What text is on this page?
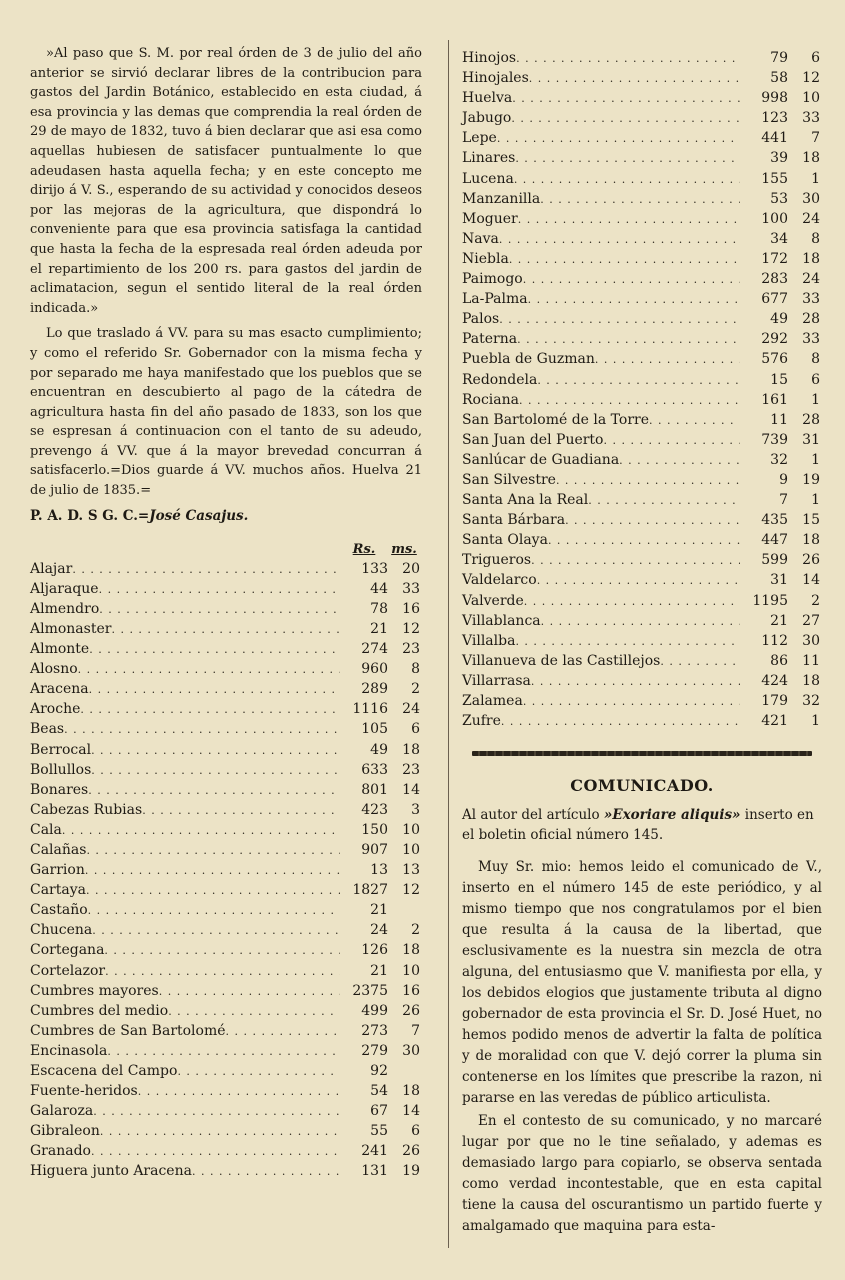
»Al paso que S. M. por real órden de 3 de julio del año anterior se sirvió declarar libres de la contribucion para gastos del Jardin Botánico, establecido en esta ciudad, á esa provincia y las demas que comprendia la real órden de 29 de mayo de 1832, tuvo á bien declarar que asi esa como aquellas hubiesen de satisfacer puntualmente lo que adeudasen hasta aquella fecha; y en este concepto me dirijo á V. S., esperando de su actividad y conocidos deseos por las mejoras de la agricultura, que dispondrá lo conveniente para que esa provincia satisfaga la cantidad que hasta la fecha de la espresada real órden adeuda por el repartimiento de los 200 rs. para gastos del jardin de aclimatacion, segun el sentido literal de la real órden indicada.»

Lo que traslado á VV. para su mas esacto cumplimiento; y como el referido Sr. Gobernador con la misma fecha y por separado me haya manifestado que los pueblos que se encuentran en descubierto al pago de la cátedra de agricultura hasta fin del año pasado de 1833, son los que se espresan á continuacion con el tanto de su adeudo, prevengo á VV. que á la mayor brevedad concurran á satisfacerlo.=Dios guarde á VV. muchos años. Huelva 21 de julio de 1835.=

P. A. D. S G. C.=José Casajus.

Rs.	ms.
Alajar . . .	133	20
Aljaraque . . .	44	33
Almendro . . .	78	16
Almonaster . . .	21	12
Almonte . . .	274	23
Alosno . . .	960	8
Aracena . . .	289	2
Aroche . . .	1116	24
Beas . . .	105	6
Berrocal . . .	49	18
Bollullos . . .	633	23
Bonares . . .	801	14
Cabezas Rubias . . .	423	3
Cala . . .	150	10
Calañas . . .	907	10
Garrion . . .	13	13
Cartaya . . .	1827	12
Castaño . . .	21
Chucena . . .	24	2
Cortegana . . .	126	18
Cortelazor . . .	21	10
Cumbres mayores . . .	2375	16
Cumbres del medio . . .	499	26
Cumbres de San Bartolomé . . .	273	7
Encinasola . . .	279	30
Escacena del Campo . . .	92
Fuente-heridos . . .	54	18
Galaroza . . .	67	14
Gibraleon . . .	55	6
Granado . . .	241	26
Higuera junto Aracena . . .	131	19
Hinojos . . .	79	6
Hinojales . . .	58	12
Huelva . . .	998	10
Jabugo . . .	123	33
Lepe . . .	441	7
Linares . . .	39	18
Lucena . . .	155	1
Manzanilla . . .	53	30
Moguer . . .	100	24
Nava . . .	34	8
Niebla . . .	172	18
Paimogo . . .	283	24
La-Palma . . .	677	33
Palos . . .	49	28
Paterna . . .	292	33
Puebla de Guzman . . .	576	8
Redondela . . .	15	6
Rociana . . .	161	1
San Bartolomé de la Torre . . .	11	28
San Juan del Puerto . . .	739	31
Sanlúcar de Guadiana . . .	32	1
San Silvestre . . .	9	19
Santa Ana la Real . . .	7	1
Santa Bárbara . . .	435	15
Santa Olaya . . .	447	18
Trigueros . . .	599	26
Valdelarco . . .	31	14
Valverde . . .	1195	2
Villablanca . . .	21	27
Villalba . . .	112	30
Villanueva de las Castillejos . . .	86	11
Villarrasa . . .	424	18
Zalamea . . .	179	32
Zufre . . .	421	1
COMUNICADO.

Al autor del artículo »Exoriare aliquis» inserto en el boletin oficial número 145.

Muy Sr. mio: hemos leido el comunicado de V., inserto en el número 145 de este periódico, y al mismo tiempo que nos congratulamos por el bien que resulta á la causa de la libertad, que esclusivamente es la nuestra sin mezcla de otra alguna, del entusiasmo que V. manifiesta por ella, y los debidos elogios que justamente tributa al digno gobernador de esta provincia el Sr. D. José Huet, no hemos podido menos de advertir la falta de política y de moralidad con que V. dejó correr la pluma sin contenerse en los límites que prescribe la razon, ni pararse en las veredas de público articulista.

En el contesto de su comunicado, y no marcaré lugar por que no le tine señalado, y ademas es demasiado largo para copiarlo, se observa sentada como verdad incontestable, que en esta capital tiene la causa del oscurantismo un partido fuerte y amalgamado que maquina para esta-
